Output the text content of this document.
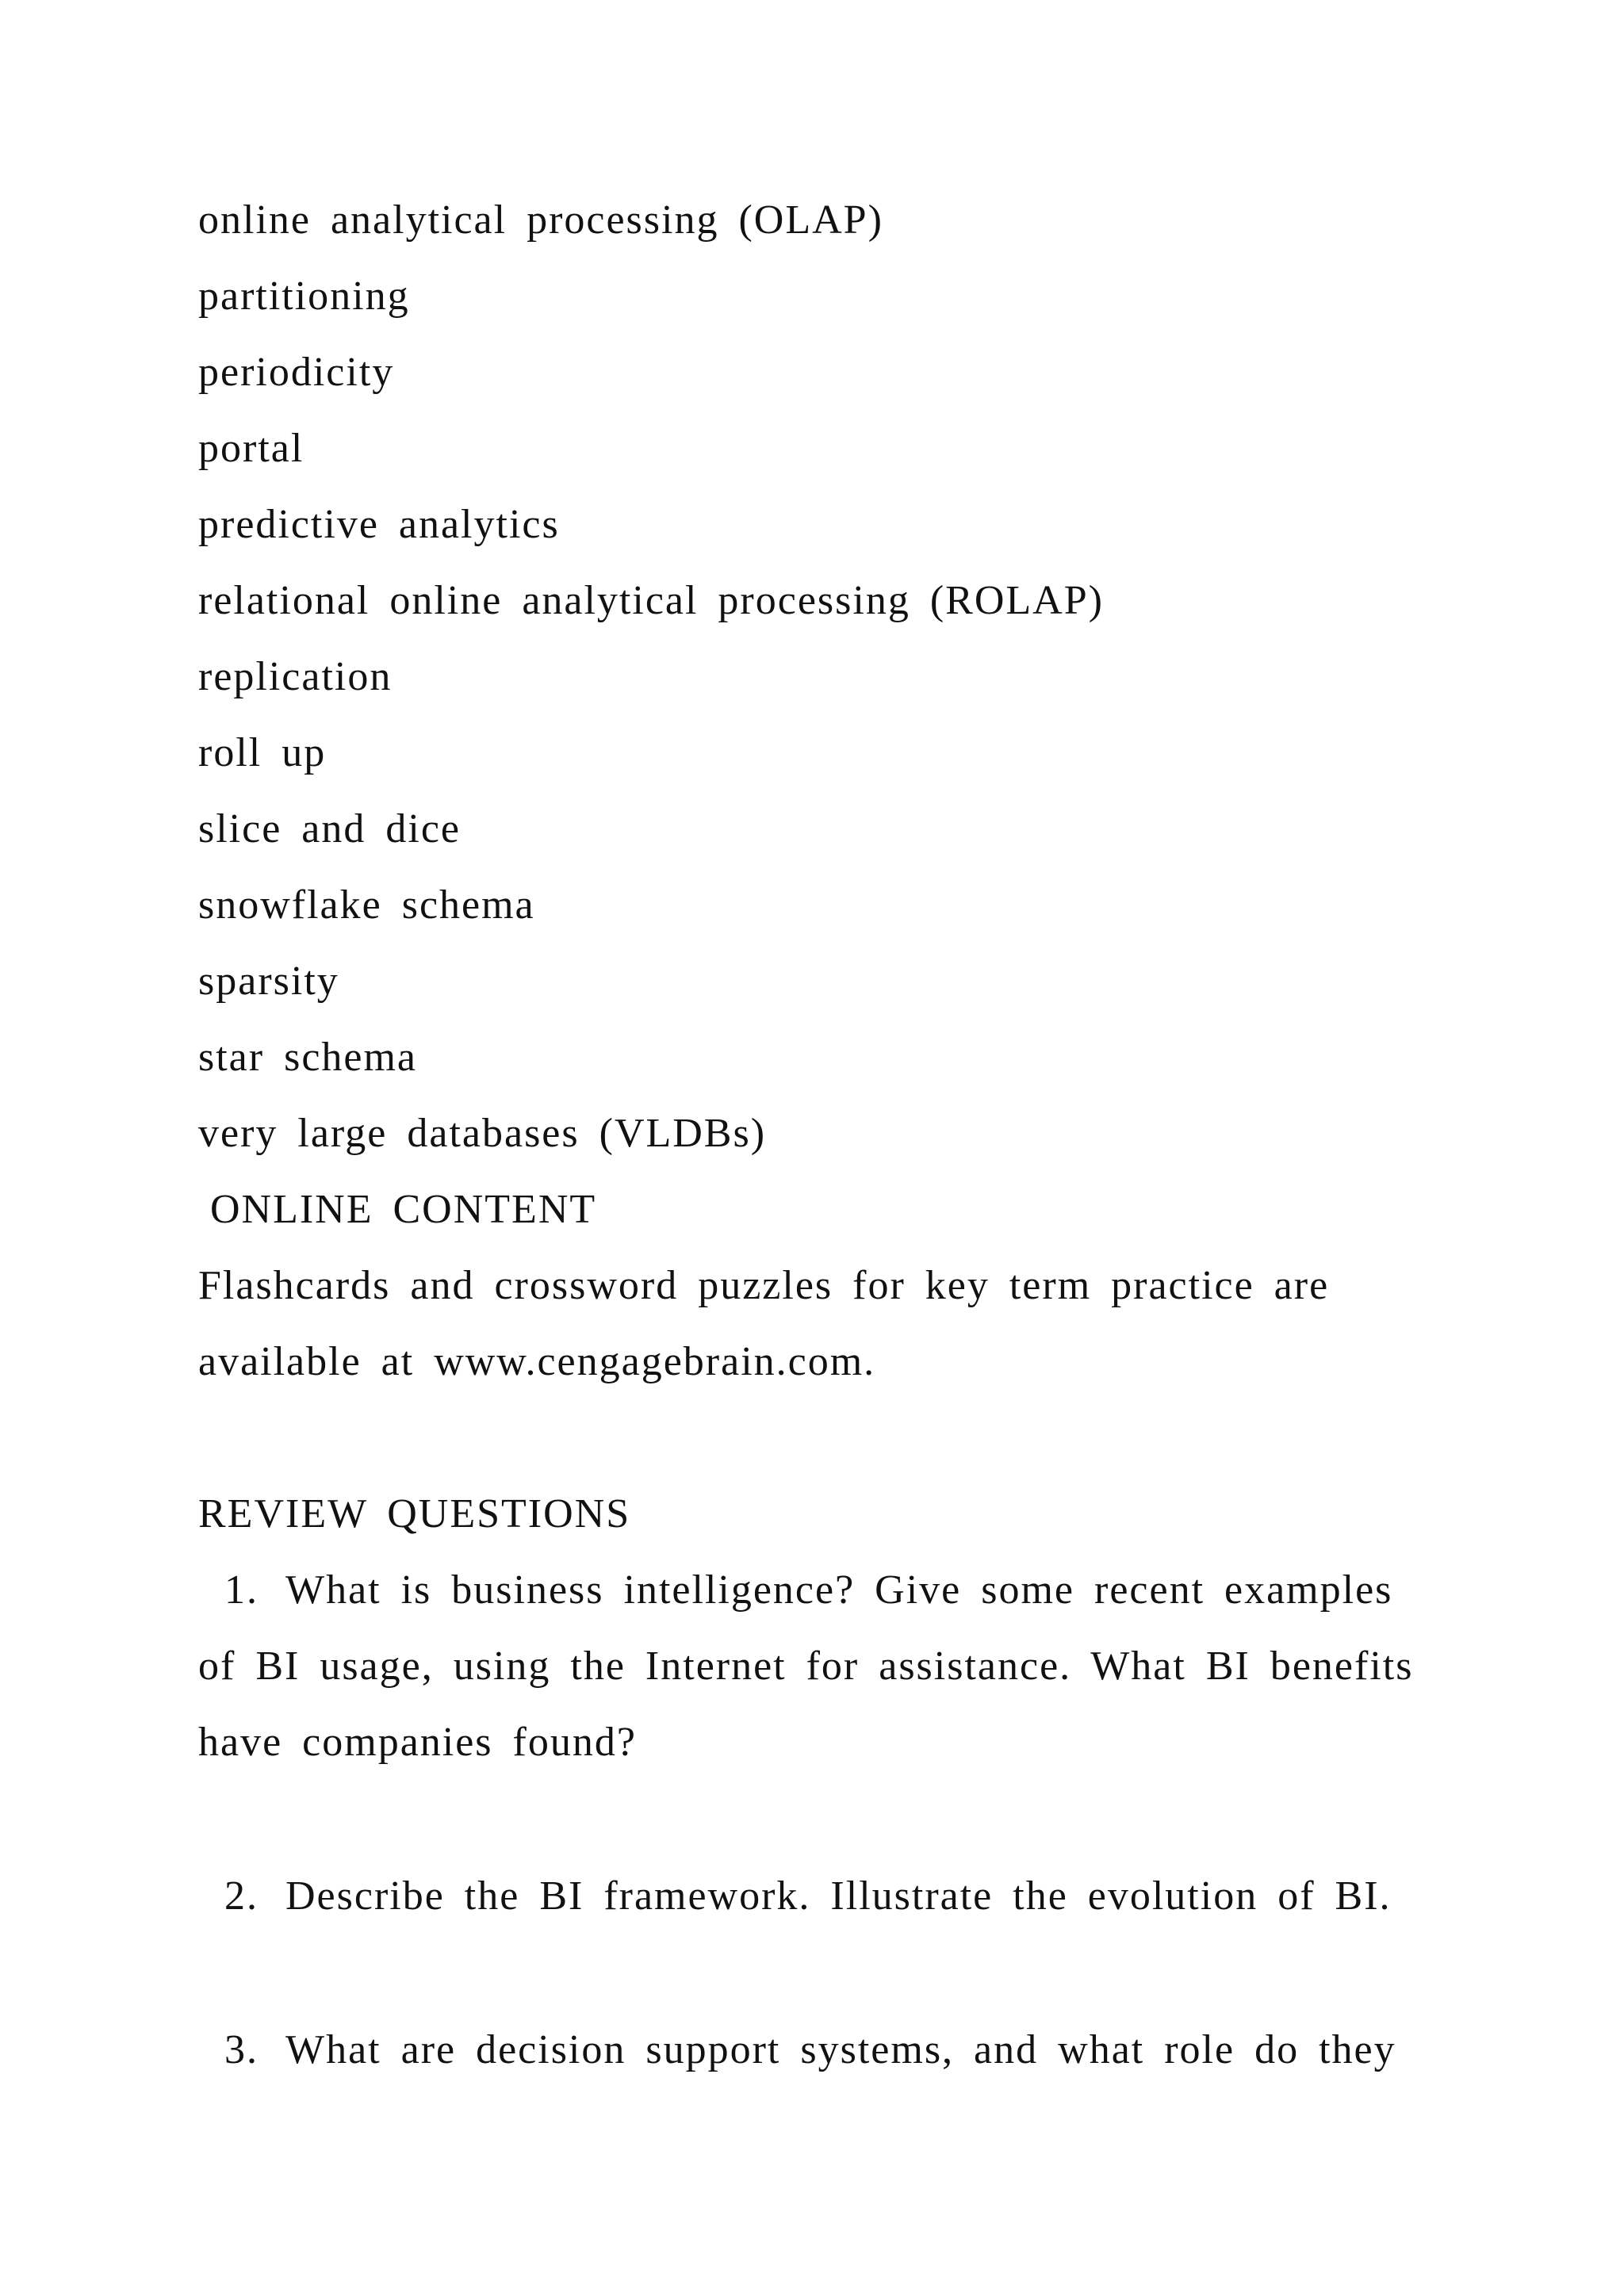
online analytical processing (OLAP)
partitioning
periodicity
portal
predictive analytics
relational online analytical processing (ROLAP)
replication
roll up
slice and dice
snowflake schema
sparsity
star schema
very large databases (VLDBs)
ONLINE CONTENT
Flashcards and crossword puzzles for key term practice are
available at www.cengagebrain.com.
REVIEW QUESTIONS
1. What is business intelligence? Give some recent examples
of BI usage, using the Internet for assistance. What BI benefits
have companies found?
2. Describe the BI framework. Illustrate the evolution of BI.
3. What are decision support systems, and what role do they
